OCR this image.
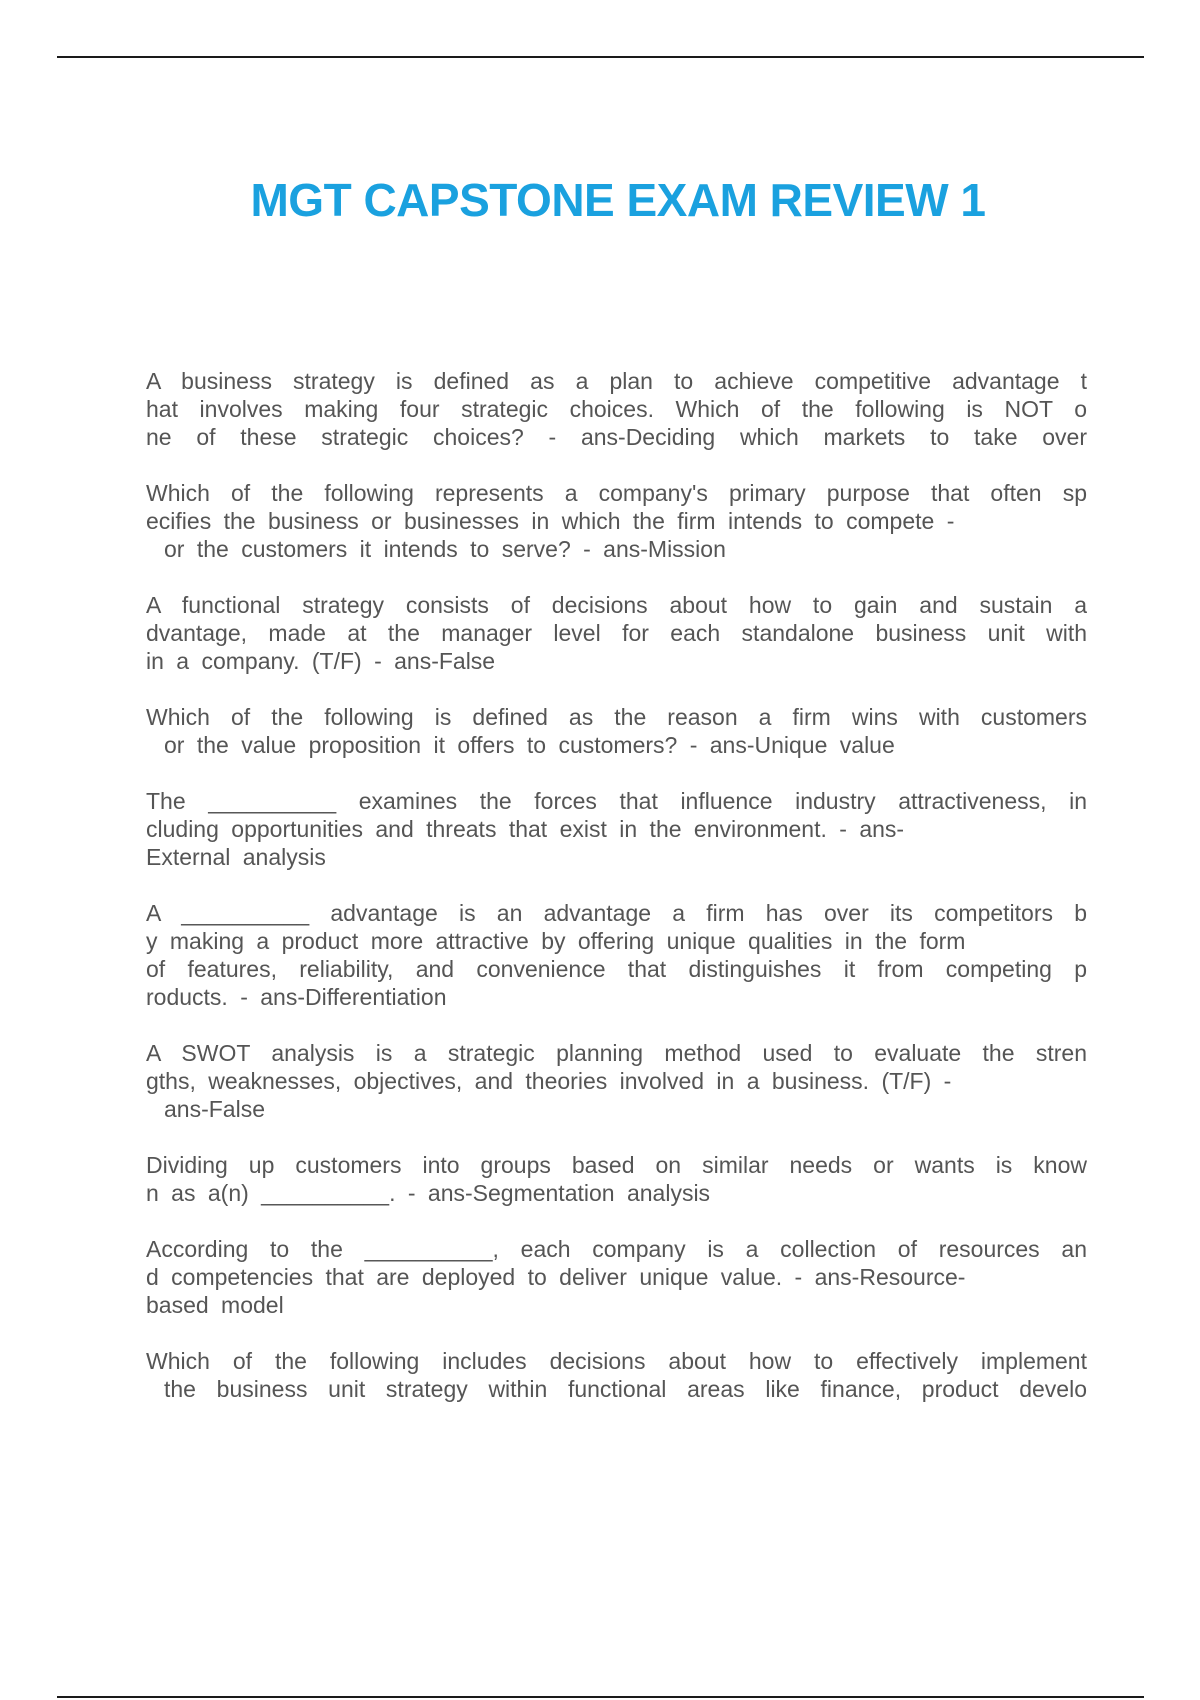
MGT CAPSTONE EXAM REVIEW 1
A business strategy is defined as a plan to achieve competitive advantage t
hat involves making four strategic choices. Which of the following is NOT o
ne of these strategic choices? - ans-Deciding which markets to take over
Which of the following represents a company's primary purpose that often sp
ecifies the business or businesses in which the firm intends to compete -
or the customers it intends to serve? - ans-Mission
A functional strategy consists of decisions about how to gain and sustain a
dvantage, made at the manager level for each standalone business unit with
in a company. (T/F) - ans-False
Which of the following is defined as the reason a firm wins with customers
or the value proposition it offers to customers? - ans-Unique value
The __________ examines the forces that influence industry attractiveness, in
cluding opportunities and threats that exist in the environment. - ans-
External analysis
A __________ advantage is an advantage a firm has over its competitors b
y making a product more attractive by offering unique qualities in the form
of features, reliability, and convenience that distinguishes it from competing p
roducts. - ans-Differentiation
A SWOT analysis is a strategic planning method used to evaluate the stren
gths, weaknesses, objectives, and theories involved in a business. (T/F) -
ans-False
Dividing up customers into groups based on similar needs or wants is know
n as a(n) __________. - ans-Segmentation analysis
According to the __________, each company is a collection of resources an
d competencies that are deployed to deliver unique value. - ans-Resource-
based model
Which of the following includes decisions about how to effectively implement
the business unit strategy within functional areas like finance, product develo
